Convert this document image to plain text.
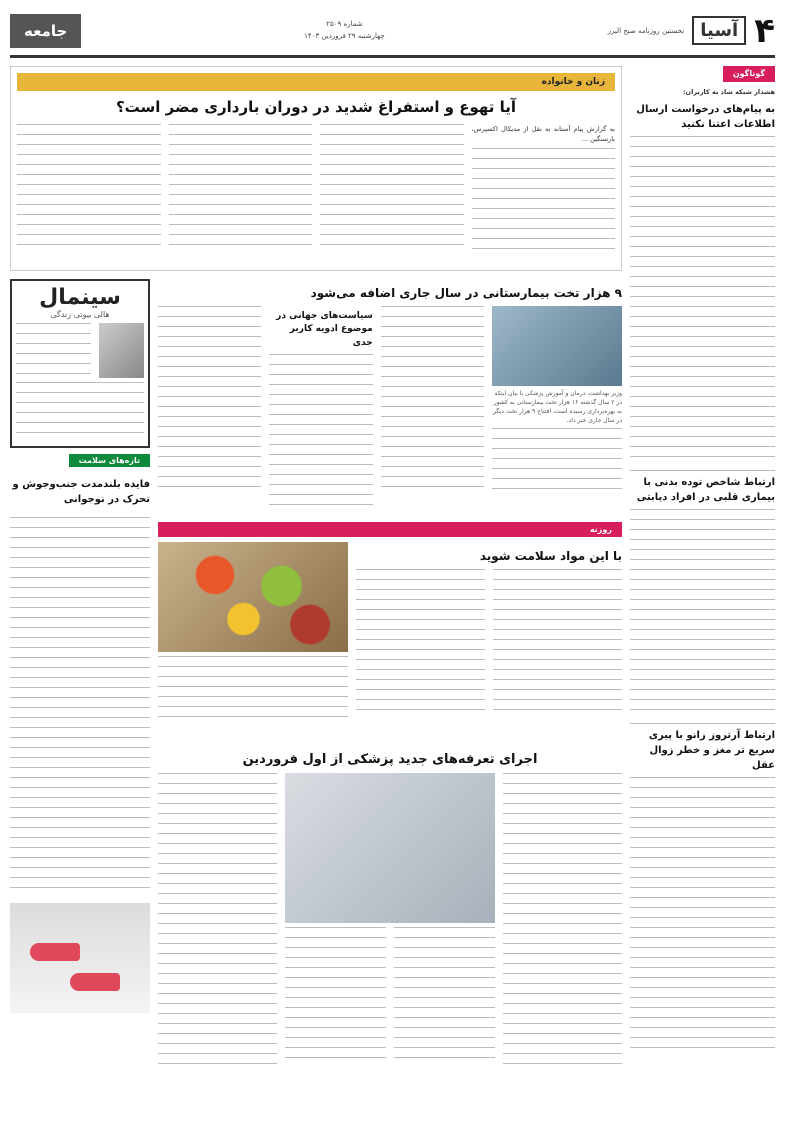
۴
آسیا
نخستین روزنامه صبح البرز
شماره ۲۵۰۹
چهارشنبه ۲۹ فروردین ۱۴۰۳
جامعه
گوناگون
هشدار شبکه شاد به کاربران:
به پیام‌های درخواست ارسال اطلاعات اعتنا نکنید
ارتباط شاخص توده بدنی با بیماری قلبی در افراد دیابتی
ارتباط آرتروز زانو با پیری سریع تر مغز و خطر زوال عقل
زنان و خانواده
آیا تهوع و استفراغ شدید در دوران بارداری مضر است؟
به گزارش پیام آستانه به نقل از مدیکال اکسپرس، بارسنگین ...
۹ هزار تخت بیمارستانی در سال جاری اضافه می‌شود
وزیر بهداشت، درمان و آموزش پزشکی با بیان اینکه در ۲ سال گذشته ۱۶ هزار تخت بیمارستانی به کشور به بهره‌برداری رسیده است، افتتاح ۹ هزار تخت دیگر در سال جاری خبر داد.
سیاست‌های جهانی در موضوع ادویه کاربر جدی
روزنه
با این مواد سلامت شوید
اجرای تعرفه‌های جدید پزشکی از اول فروردین
سینمال
هالی بیوتی زندگی
تازه‌های سلامت
فایده بلندمدت جنب‌وجوش و تحرک در نوجوانی
